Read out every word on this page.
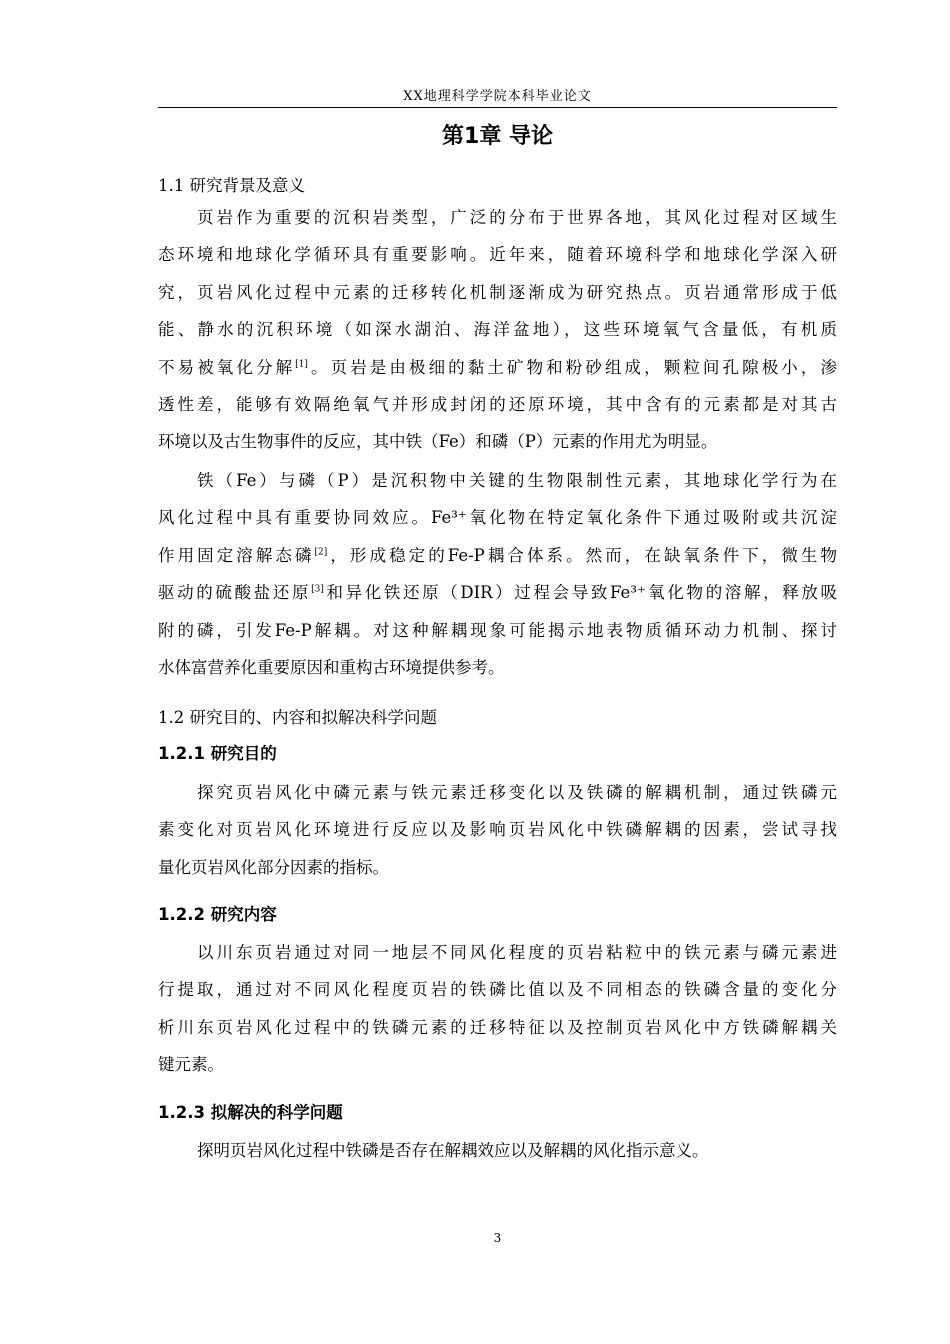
XX地理科学学院本科毕业论文
第1章 导论
1.1 研究背景及意义
页岩作为重要的沉积岩类型，广泛的分布于世界各地，其风化过程对区域生
态环境和地球化学循环具有重要影响。近年来，随着环境科学和地球化学深入研
究，页岩风化过程中元素的迁移转化机制逐渐成为研究热点。页岩通常形成于低
能、静水的沉积环境（如深水湖泊、海洋盆地），这些环境氧气含量低，有机质
不易被氧化分解[1]。页岩是由极细的黏土矿物和粉砂组成，颗粒间孔隙极小，渗
透性差，能够有效隔绝氧气并形成封闭的还原环境，其中含有的元素都是对其古
环境以及古生物事件的反应，其中铁（Fe）和磷（P）元素的作用尤为明显。
铁（Fe）与磷（P）是沉积物中关键的生物限制性元素，其地球化学行为在
风化过程中具有重要协同效应。Fe³⁺氧化物在特定氧化条件下通过吸附或共沉淀
作用固定溶解态磷[2]，形成稳定的Fe-P耦合体系。然而，在缺氧条件下，微生物
驱动的硫酸盐还原[3]和异化铁还原（DIR）过程会导致Fe³⁺氧化物的溶解，释放吸
附的磷，引发Fe-P解耦。对这种解耦现象可能揭示地表物质循环动力机制、探讨
水体富营养化重要原因和重构古环境提供参考。
1.2 研究目的、内容和拟解决科学问题
1.2.1 研究目的
探究页岩风化中磷元素与铁元素迁移变化以及铁磷的解耦机制，通过铁磷元
素变化对页岩风化环境进行反应以及影响页岩风化中铁磷解耦的因素，尝试寻找
量化页岩风化部分因素的指标。
1.2.2 研究内容
以川东页岩通过对同一地层不同风化程度的页岩粘粒中的铁元素与磷元素进
行提取，通过对不同风化程度页岩的铁磷比值以及不同相态的铁磷含量的变化分
析川东页岩风化过程中的铁磷元素的迁移特征以及控制页岩风化中方铁磷解耦关
键元素。
1.2.3 拟解决的科学问题
探明页岩风化过程中铁磷是否存在解耦效应以及解耦的风化指示意义。
3
